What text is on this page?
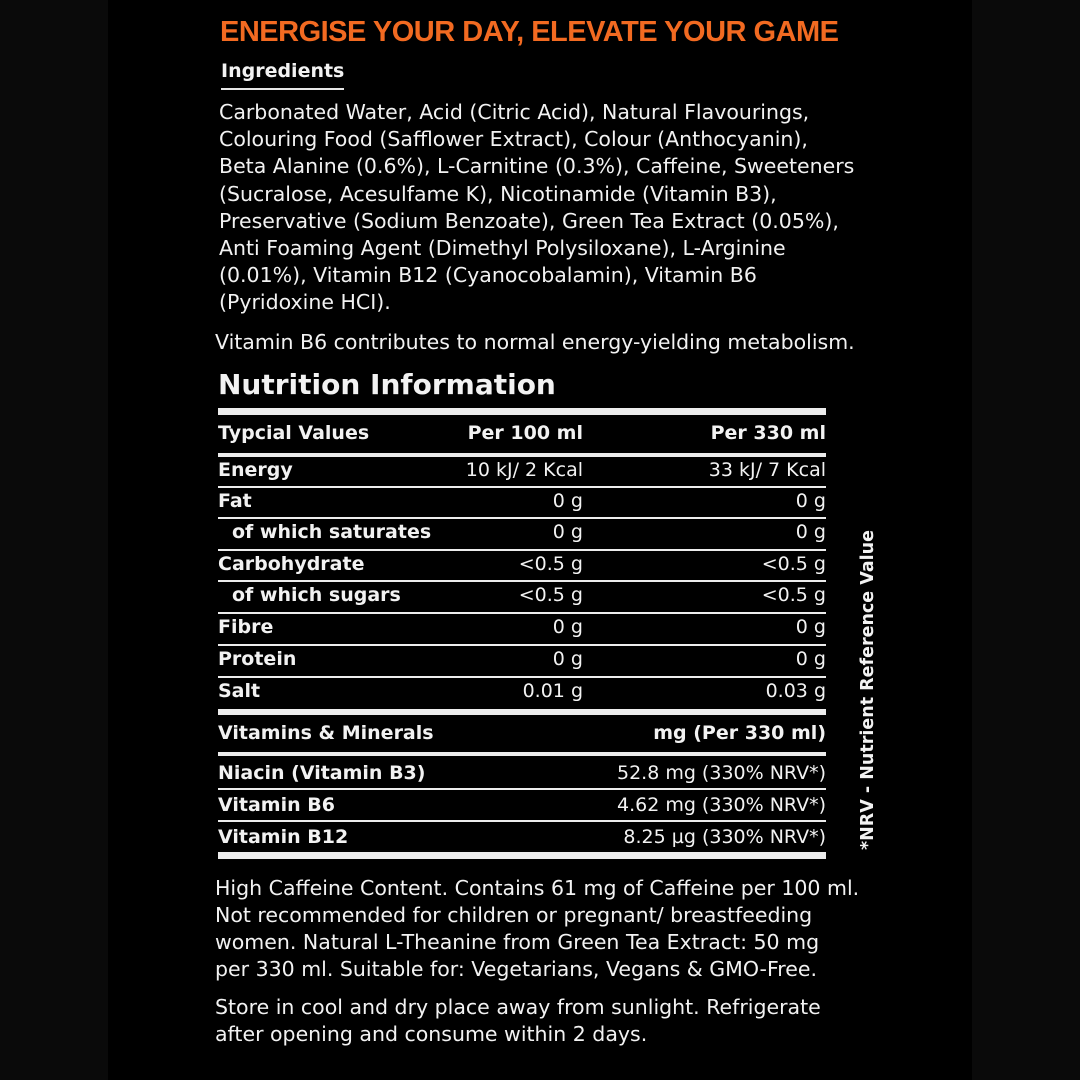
ENERGISE YOUR DAY, ELEVATE YOUR GAME
Ingredients
Carbonated Water, Acid (Citric Acid), Natural Flavourings,
Colouring Food (Safflower Extract), Colour (Anthocyanin),
Beta Alanine (0.6%), L-Carnitine (0.3%), Caffeine, Sweeteners
(Sucralose, Acesulfame K), Nicotinamide (Vitamin B3),
Preservative (Sodium Benzoate), Green Tea Extract (0.05%),
Anti Foaming Agent (Dimethyl Polysiloxane), L-Arginine
(0.01%), Vitamin B12 (Cyanocobalamin), Vitamin B6
(Pyridoxine HCI).
Vitamin B6 contributes to normal energy-yielding metabolism.
Nutrition Information
Typcial Values	Per 100 ml	Per 330 ml
Energy	10 kJ/ 2 Kcal	33 kJ/ 7 Kcal
Fat	0 g	0 g
of which saturates	0 g	0 g
Carbohydrate	<0.5 g	<0.5 g
of which sugars	<0.5 g	<0.5 g
Fibre	0 g	0 g
Protein	0 g	0 g
Salt	0.01 g	0.03 g
Vitamins & Minerals	mg (Per 330 ml)
Niacin (Vitamin B3)	52.8 mg (330% NRV*)
Vitamin B6	4.62 mg (330% NRV*)
Vitamin B12	8.25 µg (330% NRV*) *NRV - Nutrient Reference Value
High Caffeine Content. Contains 61 mg of Caffeine per 100 ml.
Not recommended for children or pregnant/ breastfeeding
women. Natural L-Theanine from Green Tea Extract: 50 mg
per 330 ml. Suitable for: Vegetarians, Vegans & GMO-Free.
Store in cool and dry place away from sunlight. Refrigerate
after opening and consume within 2 days.
